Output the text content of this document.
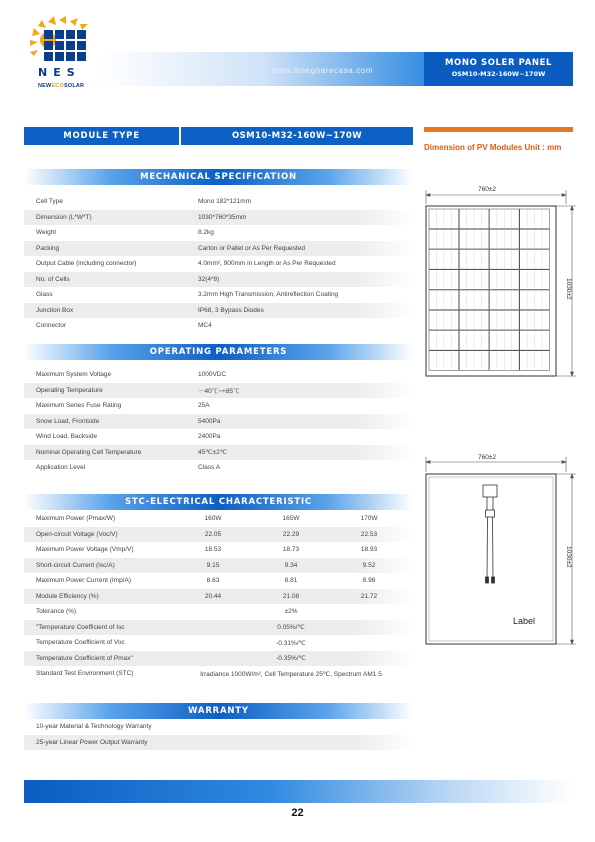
NES
NEWECOSOLAR
www.disegnarecasa.com
MONO SOLER PANEL
OSM10-M32-160W~170W
MODULE TYPE	OSM10-M32-160W~170W
Dimension of PV Modules Unit : mm
MECHANICAL SPECIFICATION
Cell Type	Mono 182*121mm
Dimension (L*W*T)	1030*760*35mm
Weight	8.2kg
Packing	Carton or Pallet or As Per Requested
Output Cable (including connector)	4.0mm², 900mm in Length or As Per Requested
No. of Cells	32(4*8)
Glass	3.2mm High Transmission, Antireflection Coating
Junction Box	IP68, 3 Bypass Diodes
Connector	MC4
OPERATING PARAMETERS
Maximum System Voltage	1000VDC
Operating Temperature	－40℃~+85℃
Maximum Series Fuse Rating	25A
Snow Load, Frontside	5400Pa
Wind Load, Backside	2400Pa
Nominal Operating Cell Temperature	45℃±2℃
Application Level	Class A
STC-ELECTRICAL CHARACTERISTIC
Maximum Power (Pmax/W)	160W	165W	170W
Open-circuit Voltage (Voc/V)	22.05	22.29	22.53
Maximum Power Voltage (Vmp/V)	18.53	18.73	18.93
Short-circuit Current (Isc/A)	9.15	9.34	9.52
Maximum Power Current (Imp/A)	8.63	8.81	8.98
Module Efficiency (%)	20.44	21.08	21.72
Tolerance (%)	±2%
"Temperature Coefficient of Isc	0.05%/℃
Temperature Coefficient of Voc	-0.31%/℃
Temperature Coefficient of Pmax"	-0.35%/℃
Standard Test Environment (STC)	Irradiance 1000W/m², Cell Temperature 25℃, Spectrum AM1.5
WARRANTY
10-year Material & Technology Warranty
25-year Linear Power Output Warranty
760±2
1030±2
760±2
1030±2
Label
22
